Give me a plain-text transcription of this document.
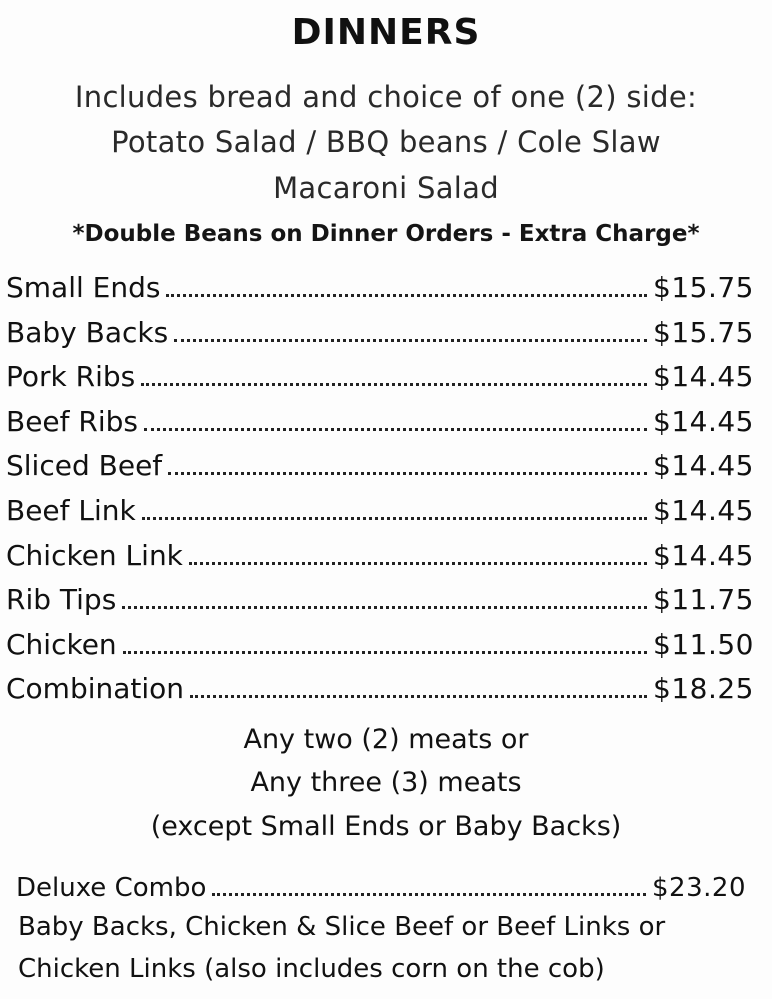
DINNERS
Includes bread and choice of one (2) side:
Potato Salad / BBQ beans / Cole Slaw
Macaroni Salad
*Double Beans on Dinner Orders - Extra Charge*
Small Ends	$15.75
Baby Backs	$15.75
Pork Ribs	$14.45
Beef Ribs	$14.45
Sliced Beef	$14.45
Beef Link	$14.45
Chicken Link	$14.45
Rib Tips	$11.75
Chicken	$11.50
Combination	$18.25
Any two (2) meats or
Any three (3) meats
(except Small Ends or Baby Backs)
Deluxe Combo	$23.20
Baby Backs, Chicken & Slice Beef or Beef Links or
Chicken Links (also includes corn on the cob)
